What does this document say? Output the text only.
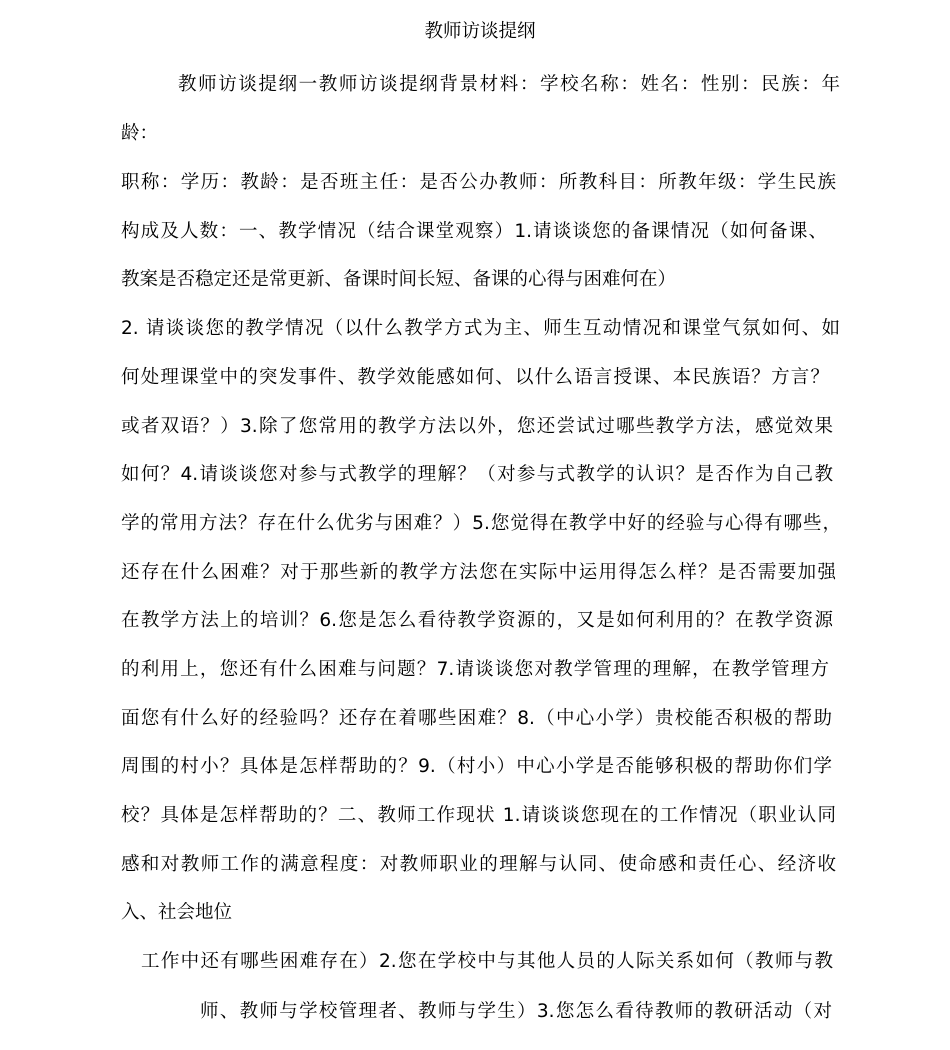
教师访谈提纲
教师访谈提纲一教师访谈提纲背景材料：学校名称：姓名：性别：民族：年
龄：
职称：学历：教龄：是否班主任：是否公办教师：所教科目：所教年级：学生民族
构成及人数：一、教学情况（结合课堂观察）1.请谈谈您的备课情况（如何备课、
教案是否稳定还是常更新、备课时间长短、备课的心得与困难何在）
2. 请谈谈您的教学情况（以什么教学方式为主、师生互动情况和课堂气氛如何、如
何处理课堂中的突发事件、教学效能感如何、以什么语言授课、本民族语？方言？
或者双语？）3.除了您常用的教学方法以外，您还尝试过哪些教学方法，感觉效果
如何？4.请谈谈您对参与式教学的理解？（对参与式教学的认识？是否作为自己教
学的常用方法？存在什么优劣与困难？）5.您觉得在教学中好的经验与心得有哪些，
还存在什么困难？对于那些新的教学方法您在实际中运用得怎么样？是否需要加强
在教学方法上的培训？6.您是怎么看待教学资源的，又是如何利用的？在教学资源
的利用上，您还有什么困难与问题？7.请谈谈您对教学管理的理解，在教学管理方
面您有什么好的经验吗？还存在着哪些困难？8.（中心小学）贵校能否积极的帮助
周围的村小？具体是怎样帮助的？9.（村小）中心小学是否能够积极的帮助你们学
校？具体是怎样帮助的？二、教师工作现状 1.请谈谈您现在的工作情况（职业认同
感和对教师工作的满意程度：对教师职业的理解与认同、使命感和责任心、经济收
入、社会地位
工作中还有哪些困难存在）2.您在学校中与其他人员的人际关系如何（教师与教
师、教师与学校管理者、教师与学生）3.您怎么看待教师的教研活动（对
